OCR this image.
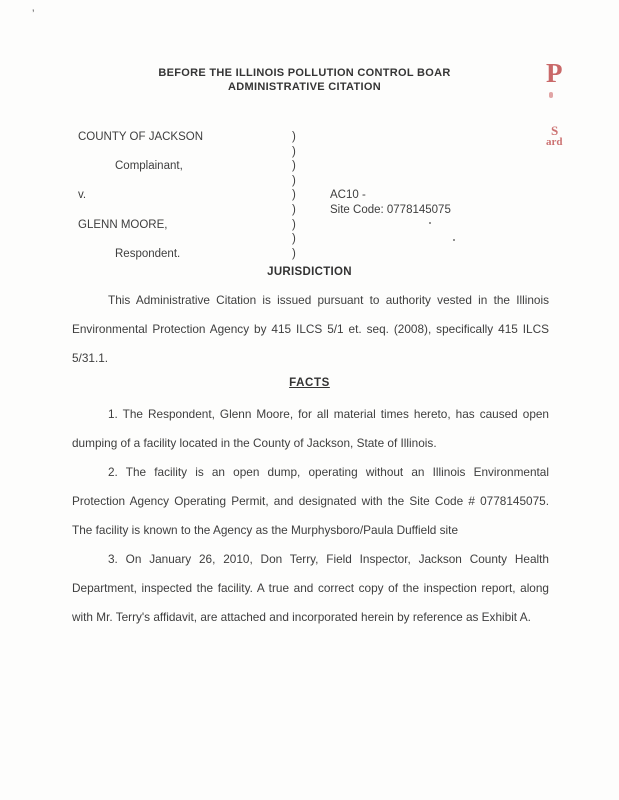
’
P
S
ard
BEFORE THE ILLINOIS POLLUTION CONTROL BOAR
ADMINISTRATIVE CITATION
COUNTY OF JACKSON	)
)
Complainant,	)
)
v.	)	AC10 -
)	Site Code: 0778145075
GLENN MOORE,	)
)
Respondent.	)
JURISDICTION

This Administrative Citation is issued pursuant to authority vested in the Illinois Environmental Protection Agency by 415 ILCS 5/1 et. seq. (2008), specifically 415 ILCS 5/31.1.

FACTS

1. The Respondent, Glenn Moore, for all material times hereto, has caused open dumping of a facility located in the County of Jackson, State of Illinois.

2. The facility is an open dump, operating without an Illinois Environmental Protection Agency Operating Permit, and designated with the Site Code # 0778145075. The facility is known to the Agency as the Murphysboro/Paula Duffield site

3. On January 26, 2010, Don Terry, Field Inspector, Jackson County Health Department, inspected the facility. A true and correct copy of the inspection report, along with Mr. Terry's affidavit, are attached and incorporated herein by reference as Exhibit A.
